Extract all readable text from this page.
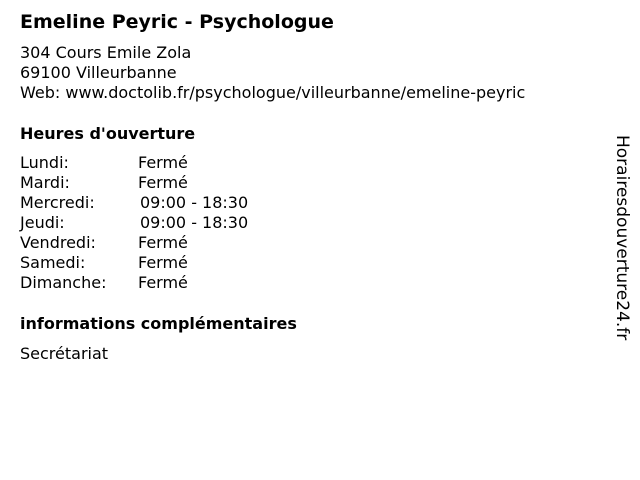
Emeline Peyric - Psychologue
304 Cours Emile Zola
69100 Villeurbanne
Web: www.doctolib.fr/psychologue/villeurbanne/emeline-peyric
Heures d'ouverture
Lundi:	Fermé
Mardi:	Fermé
Mercredi:	09:00 - 18:30
Jeudi:	09:00 - 18:30
Vendredi:	Fermé
Samedi:	Fermé
Dimanche: Fermé
informations complémentaires
Secrétariat
Horairesdouverture24.fr
